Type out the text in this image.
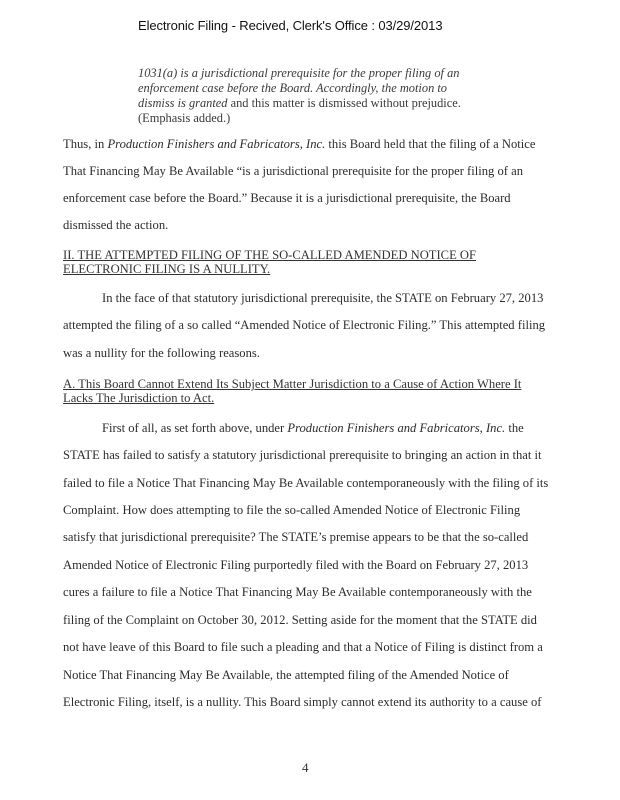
Electronic Filing - Recived, Clerk's Office : 03/29/2013
1031(a) is a jurisdictional prerequisite for the proper filing of an
enforcement case before the Board. Accordingly, the motion to
dismiss is granted and this matter is dismissed without prejudice.
(Emphasis added.)
Thus, in Production Finishers and Fabricators, Inc. this Board held that the filing of a Notice
That Financing May Be Available “is a jurisdictional prerequisite for the proper filing of an
enforcement case before the Board.” Because it is a jurisdictional prerequisite, the Board
dismissed the action.
II. THE ATTEMPTED FILING OF THE SO-CALLED AMENDED NOTICE OF
ELECTRONIC FILING IS A NULLITY.
In the face of that statutory jurisdictional prerequisite, the STATE on February 27, 2013
attempted the filing of a so called “Amended Notice of Electronic Filing.” This attempted filing
was a nullity for the following reasons.
A. This Board Cannot Extend Its Subject Matter Jurisdiction to a Cause of Action Where It
Lacks The Jurisdiction to Act.
First of all, as set forth above, under Production Finishers and Fabricators, Inc. the
STATE has failed to satisfy a statutory jurisdictional prerequisite to bringing an action in that it
failed to file a Notice That Financing May Be Available contemporaneously with the filing of its
Complaint. How does attempting to file the so-called Amended Notice of Electronic Filing
satisfy that jurisdictional prerequisite? The STATE’s premise appears to be that the so-called
Amended Notice of Electronic Filing purportedly filed with the Board on February 27, 2013
cures a failure to file a Notice That Financing May Be Available contemporaneously with the
filing of the Complaint on October 30, 2012. Setting aside for the moment that the STATE did
not have leave of this Board to file such a pleading and that a Notice of Filing is distinct from a
Notice That Financing May Be Available, the attempted filing of the Amended Notice of
Electronic Filing, itself, is a nullity. This Board simply cannot extend its authority to a cause of
4
